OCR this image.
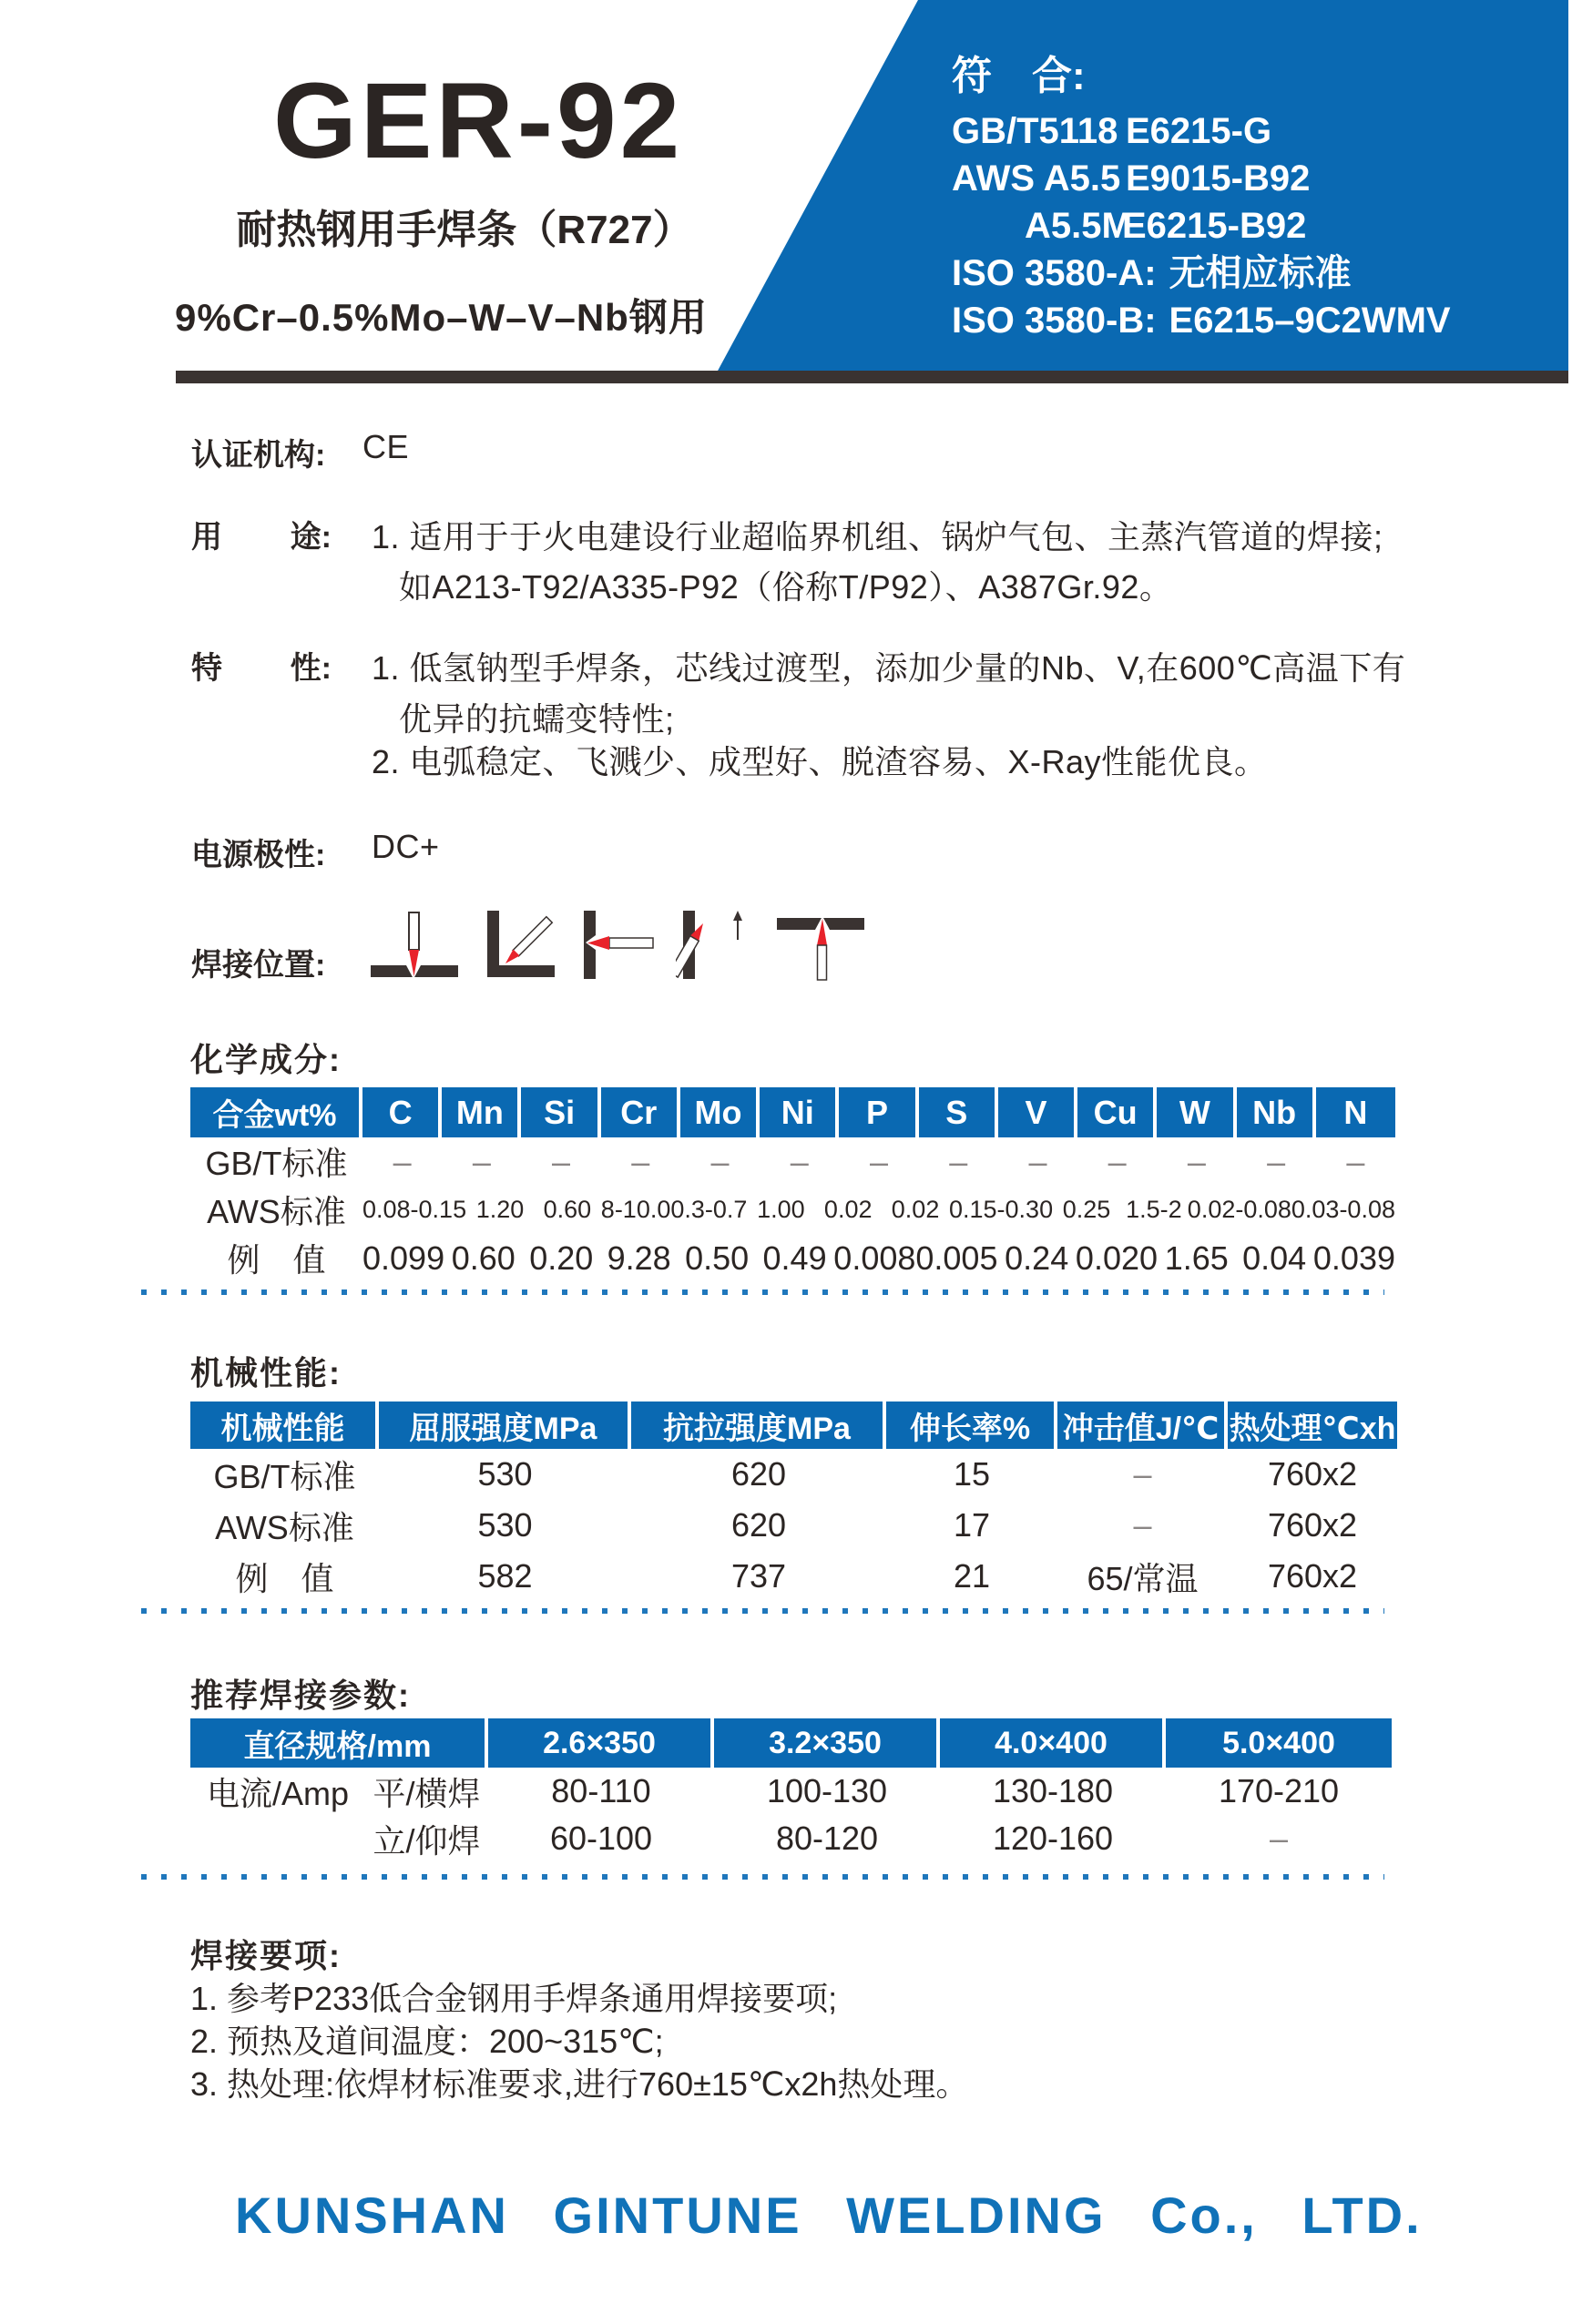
GER-92
耐热钢用手焊条（R727）
9%Cr–0.5%Mo–W–V–Nb钢用
符　合:
GB/T5118 E6215-G
AWS A5.5 E9015-B92
A5.5M
E6215-B92
ISO 3580-A: 无相应标准
ISO 3580-B: E6215–9C2WMV
认证机构: CE
用 途: 1. 适用于于火电建设行业超临界机组、锅炉气包、主蒸汽管道的焊接;
如A213-T92/A335-P92（俗称T/P92）、A387Gr.92。
特 性: 1. 低氢钠型手焊条，芯线过渡型，添加少量的Nb、V,在600℃高温下有
优异的抗蠕变特性;
2. 电弧稳定、飞溅少、成型好、脱渣容易、X-Ray性能优良。
电源极性: DC+
焊接位置:
化学成分:
合金wt%	C	Mn	Si	Cr	Mo	Ni	P	S	V	Cu	W	Nb	N
GB/T标准	–	–	–	–	–	–	–	–	–	–	–	–	–
AWS标准 0.08-0.15 1.20 0.60 8-10.0 0.3-0.7 1.00 0.02 0.02 0.15-0.30 0.25 1.5-2 0.02-0.08 0.03-0.08
例　值	0.099 0.60 0.20 9.28 0.50 0.49 0.008 0.005 0.24 0.020 1.65 0.04 0.039
机械性能:
机械性能	屈服强度MPa	抗拉强度MPa	伸长率%	冲击值J/℃ 热处理℃xh
GB/T标准	530	620	15	–	760x2
AWS标准	530	620	17	–	760x2
例　值	582	737	21	65/常温	760x2
推荐焊接参数:
直径规格/mm	2.6×350	3.2×350	4.0×400	5.0×400
电流/Amp 平/横焊	80-110	100-130	130-180	170-210
立/仰焊	60-100	80-120	120-160	–
焊接要项:
1. 参考P233低合金钢用手焊条通用焊接要项;
2. 预热及道间温度：200~315℃;
3. 热处理:依焊材标准要求,进行760±15℃x2h热处理。
KUNSHAN GINTUNE WELDING Co., LTD.
